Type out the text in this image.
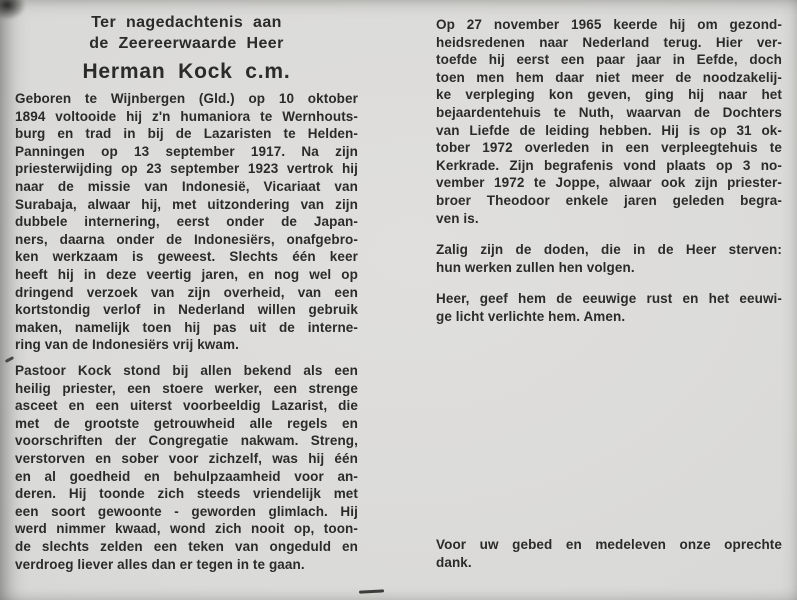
Ter nagedachtenis aan
de Zeereerwaarde Heer
Herman Kock c.m.
Geboren te Wijnbergen (Gld.) op 10 oktober
1894 voltooide hij z'n humaniora te Wernhouts-
burg en trad in bij de Lazaristen te Helden-
Panningen op 13 september 1917. Na zijn
priesterwijding op 23 september 1923 vertrok hij
naar de missie van Indonesië, Vicariaat van
Surabaja, alwaar hij, met uitzondering van zijn
dubbele internering, eerst onder de Japan-
ners, daarna onder de Indonesiërs, onafgebro-
ken werkzaam is geweest. Slechts één keer
heeft hij in deze veertig jaren, en nog wel op
dringend verzoek van zijn overheid, van een
kortstondig verlof in Nederland willen gebruik
maken, namelijk toen hij pas uit de interne-
ring van de Indonesiërs vrij kwam.
Pastoor Kock stond bij allen bekend als een
heilig priester, een stoere werker, een strenge
asceet en een uiterst voorbeeldig Lazarist, die
met de grootste getrouwheid alle regels en
voorschriften der Congregatie nakwam. Streng,
verstorven en sober voor zichzelf, was hij één
en al goedheid en behulpzaamheid voor an-
deren. Hij toonde zich steeds vriendelijk met
een soort gewoonte - geworden glimlach. Hij
werd nimmer kwaad, wond zich nooit op, toon-
de slechts zelden een teken van ongeduld en
verdroeg liever alles dan er tegen in te gaan.
Op 27 november 1965 keerde hij om gezond-
heidsredenen naar Nederland terug. Hier ver-
toefde hij eerst een paar jaar in Eefde, doch
toen men hem daar niet meer de noodzakelij-
ke verpleging kon geven, ging hij naar het
bejaardentehuis te Nuth, waarvan de Dochters
van Liefde de leiding hebben. Hij is op 31 ok-
tober 1972 overleden in een verpleegtehuis te
Kerkrade. Zijn begrafenis vond plaats op 3 no-
vember 1972 te Joppe, alwaar ook zijn priester-
broer Theodoor enkele jaren geleden begra-
ven is.
Zalig zijn de doden, die in de Heer sterven:
hun werken zullen hen volgen.
Heer, geef hem de eeuwige rust en het eeuwi-
ge licht verlichte hem. Amen.
Voor uw gebed en medeleven onze oprechte
dank.
